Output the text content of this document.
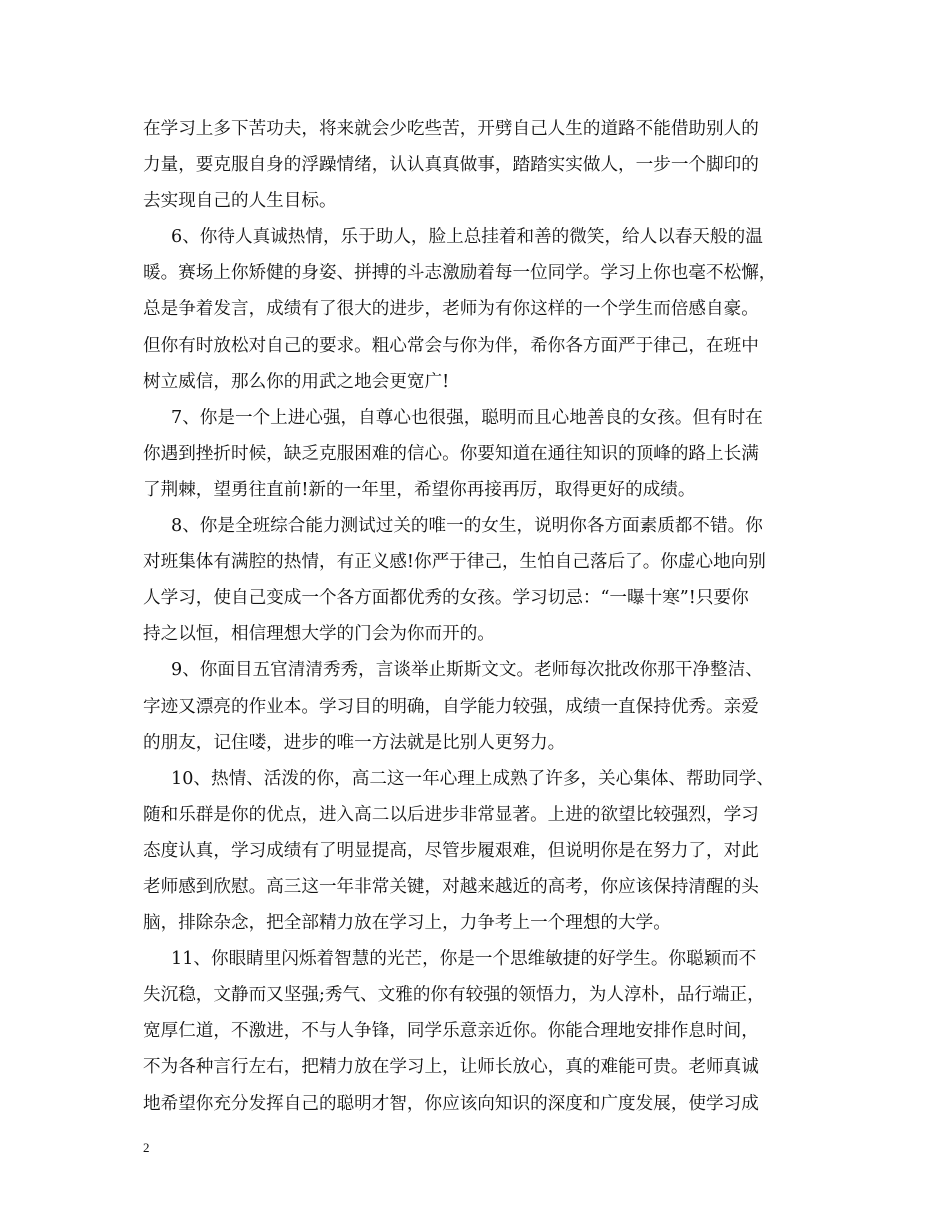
在学习上多下苦功夫，将来就会少吃些苦，开劈自己人生的道路不能借助别人的
力量，要克服自身的浮躁情绪，认认真真做事，踏踏实实做人，一步一个脚印的
去实现自己的人生目标。
6、你待人真诚热情，乐于助人，脸上总挂着和善的微笑，给人以春天般的温
暖。赛场上你矫健的身姿、拼搏的斗志激励着每一位同学。学习上你也毫不松懈，
总是争着发言，成绩有了很大的进步，老师为有你这样的一个学生而倍感自豪。
但你有时放松对自己的要求。粗心常会与你为伴，希你各方面严于律己，在班中
树立威信，那么你的用武之地会更宽广!
7、你是一个上进心强，自尊心也很强，聪明而且心地善良的女孩。但有时在
你遇到挫折时候，缺乏克服困难的信心。你要知道在通往知识的顶峰的路上长满
了荆棘，望勇往直前!新的一年里，希望你再接再厉，取得更好的成绩。
8、你是全班综合能力测试过关的唯一的女生，说明你各方面素质都不错。你
对班集体有满腔的热情，有正义感!你严于律己，生怕自己落后了。你虚心地向别
人学习，使自己变成一个各方面都优秀的女孩。学习切忌：“一曝十寒”!只要你
持之以恒，相信理想大学的门会为你而开的。
9、你面目五官清清秀秀，言谈举止斯斯文文。老师每次批改你那干净整洁、
字迹又漂亮的作业本。学习目的明确，自学能力较强，成绩一直保持优秀。亲爱
的朋友，记住喽，进步的唯一方法就是比别人更努力。
10、热情、活泼的你，高二这一年心理上成熟了许多，关心集体、帮助同学、
随和乐群是你的优点，进入高二以后进步非常显著。上进的欲望比较强烈，学习
态度认真，学习成绩有了明显提高，尽管步履艰难，但说明你是在努力了，对此
老师感到欣慰。高三这一年非常关键，对越来越近的高考，你应该保持清醒的头
脑，排除杂念，把全部精力放在学习上，力争考上一个理想的大学。
11、你眼睛里闪烁着智慧的光芒，你是一个思维敏捷的好学生。你聪颖而不
失沉稳，文静而又坚强;秀气、文雅的你有较强的领悟力，为人淳朴，品行端正，
宽厚仁道，不激进，不与人争锋，同学乐意亲近你。你能合理地安排作息时间，
不为各种言行左右，把精力放在学习上，让师长放心，真的难能可贵。老师真诚
地希望你充分发挥自己的聪明才智，你应该向知识的深度和广度发展，使学习成
2
